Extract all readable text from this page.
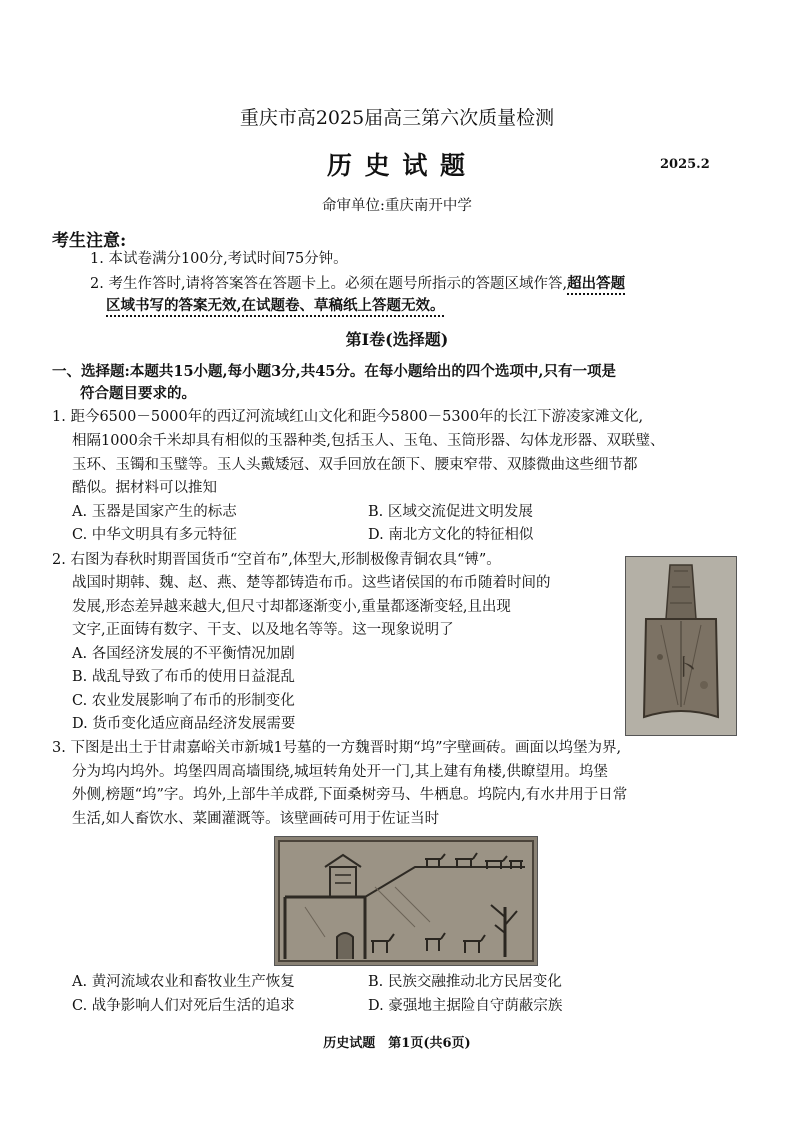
重庆市高2025届高三第六次质量检测
历 史 试 题	2025.2
命审单位:重庆南开中学
考生注意:
1. 本试卷满分100分,考试时间75分钟。
2. 考生作答时,请将答案答在答题卡上。必须在题号所指示的答题区域作答,超出答题
区域书写的答案无效,在试题卷、草稿纸上答题无效。
第Ⅰ卷(选择题)
一、选择题:本题共15小题,每小题3分,共45分。在每小题给出的四个选项中,只有一项是
符合题目要求的。
1. 距今6500－5000年的西辽河流域红山文化和距今5800－5300年的长江下游凌家滩文化,
相隔1000余千米却具有相似的玉器种类,包括玉人、玉龟、玉筒形器、勾体龙形器、双联璧、
玉环、玉镯和玉璧等。玉人头戴矮冠、双手回放在颌下、腰束窄带、双膝微曲这些细节都
酷似。据材料可以推知
A. 玉器是国家产生的标志	B. 区域交流促进文明发展
C. 中华文明具有多元特征	D. 南北方文化的特征相似
2. 右图为春秋时期晋国货币“空首布”,体型大,形制极像青铜农具“镈”。
战国时期韩、魏、赵、燕、楚等都铸造布币。这些诸侯国的布币随着时间的
发展,形态差异越来越大,但尺寸却都逐渐变小,重量都逐渐变轻,且出现
文字,正面铸有数字、干支、以及地名等等。这一现象说明了
A. 各国经济发展的不平衡情况加剧
B. 战乱导致了布币的使用日益混乱
C. 农业发展影响了布币的形制变化
D. 货币变化适应商品经济发展需要
卜
3. 下图是出土于甘肃嘉峪关市新城1号墓的一方魏晋时期“坞”字壁画砖。画面以坞堡为界,
分为坞内坞外。坞堡四周高墙围绕,城垣转角处开一门,其上建有角楼,供瞭望用。坞堡
外侧,榜题“坞”字。坞外,上部牛羊成群,下面桑树旁马、牛栖息。坞院内,有水井用于日常
生活,如人畜饮水、菜圃灌溉等。该壁画砖可用于佐证当时
A. 黄河流域农业和畜牧业生产恢复	B. 民族交融推动北方民居变化
C. 战争影响人们对死后生活的追求	D. 豪强地主据险自守荫蔽宗族
历史试题　第1页(共6页)
